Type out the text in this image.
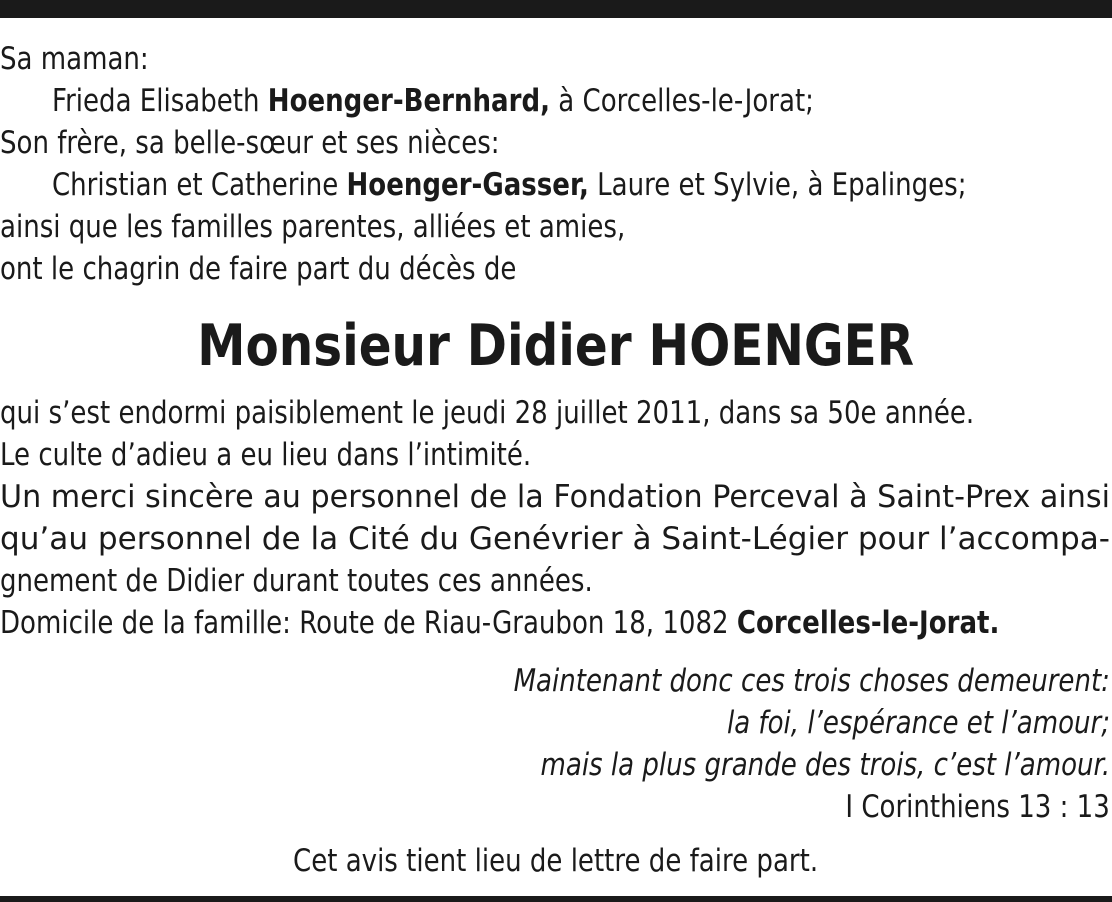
Sa maman:
Frieda Elisabeth Hoenger-Bernhard, à Corcelles-le-Jorat;
Son frère, sa belle-sœur et ses nièces:
Christian et Catherine Hoenger-Gasser, Laure et Sylvie, à Epalinges;
ainsi que les familles parentes, alliées et amies,
ont le chagrin de faire part du décès de
Monsieur Didier HOENGER
qui s’est endormi paisiblement le jeudi 28 juillet 2011, dans sa 50e année.
Le culte d’adieu a eu lieu dans l’intimité.
Un merci sincère au personnel de la Fondation Perceval à Saint-Prex ainsi
qu’au personnel de la Cité du Genévrier à Saint-Légier pour l’accompa-
gnement de Didier durant toutes ces années.
Domicile de la famille: Route de Riau-Graubon 18, 1082 Corcelles-le-Jorat.
Maintenant donc ces trois choses demeurent:
la foi, l’espérance et l’amour;
mais la plus grande des trois, c’est l’amour.
I Corinthiens 13 : 13
Cet avis tient lieu de lettre de faire part.
